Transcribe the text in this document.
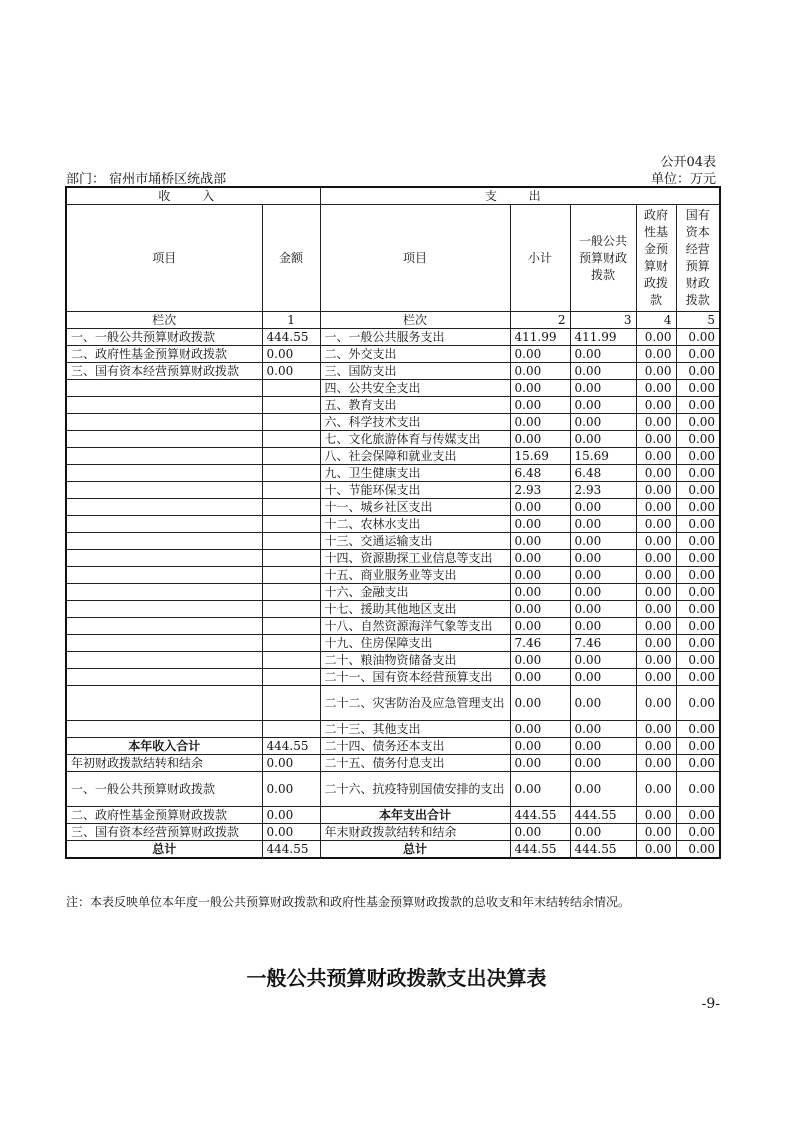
公开04表
部门： 宿州市埇桥区统战部	单位：万元
收 入		支 出				
项目	金额	项目	小计	一般公共预算财政拨款	政府性基金预算财政拨款	国有资本经营预算财政拨款
栏次	1	栏次	2	3	4	5
一、一般公共预算财政拨款	444.55	一、一般公共服务支出	411.99	411.99	0.00	0.00
二、政府性基金预算财政拨款	0.00	二、外交支出	0.00	0.00	0.00	0.00
三、国有资本经营预算财政拨款	0.00	三、国防支出	0.00	0.00	0.00	0.00
		四、公共安全支出	0.00	0.00	0.00	0.00
		五、教育支出	0.00	0.00	0.00	0.00
		六、科学技术支出	0.00	0.00	0.00	0.00
		七、文化旅游体育与传媒支出	0.00	0.00	0.00	0.00
		八、社会保障和就业支出	15.69	15.69	0.00	0.00
		九、卫生健康支出	6.48	6.48	0.00	0.00
		十、节能环保支出	2.93	2.93	0.00	0.00
		十一、城乡社区支出	0.00	0.00	0.00	0.00
		十二、农林水支出	0.00	0.00	0.00	0.00
		十三、交通运输支出	0.00	0.00	0.00	0.00
		十四、资源勘探工业信息等支出	0.00	0.00	0.00	0.00
		十五、商业服务业等支出	0.00	0.00	0.00	0.00
		十六、金融支出	0.00	0.00	0.00	0.00
		十七、援助其他地区支出	0.00	0.00	0.00	0.00
		十八、自然资源海洋气象等支出	0.00	0.00	0.00	0.00
		十九、住房保障支出	7.46	7.46	0.00	0.00
		二十、粮油物资储备支出	0.00	0.00	0.00	0.00
		二十一、国有资本经营预算支出	0.00	0.00	0.00	0.00
		二十二、灾害防治及应急管理支出	0.00	0.00	0.00	0.00
		二十三、其他支出	0.00	0.00	0.00	0.00
本年收入合计	444.55	二十四、债务还本支出	0.00	0.00	0.00	0.00
年初财政拨款结转和结余	0.00	二十五、债务付息支出	0.00	0.00	0.00	0.00
一、一般公共预算财政拨款	0.00	二十六、抗疫特别国债安排的支出	0.00	0.00	0.00	0.00
二、政府性基金预算财政拨款	0.00	本年支出合计	444.55	444.55	0.00	0.00
三、国有资本经营预算财政拨款	0.00	年末财政拨款结转和结余	0.00	0.00	0.00	0.00
总计	444.55	总计	444.55	444.55	0.00	0.00
注：本表反映单位本年度一般公共预算财政拨款和政府性基金预算财政拨款的总收支和年末结转结余情况。
一般公共预算财政拨款支出决算表
-9-
